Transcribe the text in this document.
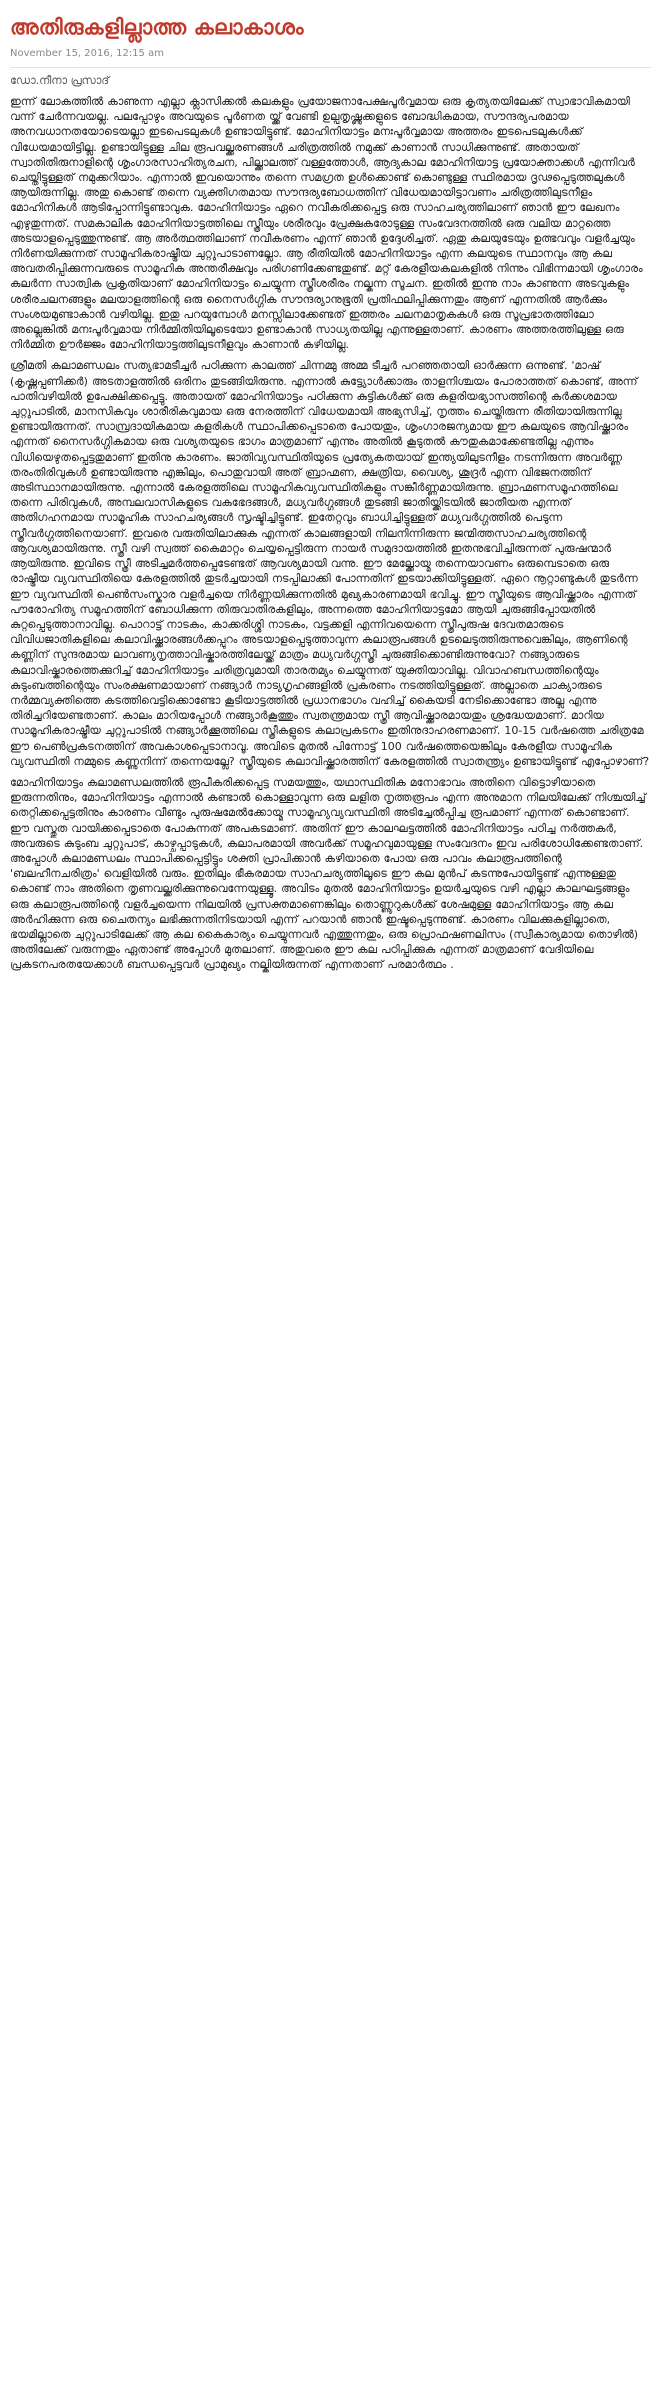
അതിരുകളില്ലാത്ത കലാകാശം
November 15, 2016, 12:15 am
ഡോ.നീനാ പ്രസാദ്

ഇന്ന് ലോകത്തിൽ കാണുന്ന എല്ലാ ക്ലാസിക്കൽ കലകളും പ്രയോജനാപേക്ഷപൂർവ്വമായ ഒരു കൃത്യതയിലേക്ക് സ്വാഭാവികമായി വന്ന് ചേർന്നവയല്ല. പലപ്പോഴും അവയുടെ പൂർണത യ്ക്ക് വേണ്ടി ഉല്പതൃഷ്ണുക്കളുടെ ബോദ്ധികമായ, സൗന്ദര്യപരമായ അനവധാനതയോടെയല്ലാ ഇടപെടലുകൾ ഉണ്ടായിട്ടുണ്ട്. മോഹിനിയാട്ടം മനഃപൂർവ്വമായ അത്തരം ഇടപെടലുകൾക്ക് വിധേയമായിട്ടില്ല. ഉണ്ടായിട്ടുള്ള ചില രൂപവല്ക്കരണങ്ങൾ ചരിത്രത്തിൽ നമുക്ക് കാണാൻ സാധിക്കുന്നുണ്ട്. അതായത് സ്വാതിതിരുനാളിന്റെ ശൃംഗാരസാഹിത്യരചന, പില്ക്കാലത്ത് വള്ളത്തോൾ, ആദ്യകാല മോഹിനിയാട്ട പ്രയോക്താക്കൾ എന്നിവർ ചെയ്തിട്ടുള്ളത് നമുക്കറിയാം. എന്നാൽ ഇവയൊന്നും തന്നെ സമഗ്രത ഉൾക്കൊണ്ട് കൊണ്ടുള്ള സ്ഥിരമായ ദൃഢപ്പെടുത്തലുകൾ ആയിരുന്നില്ല. അതു കൊണ്ട് തന്നെ വ്യക്തിഗതമായ സൗന്ദര്യബോധത്തിന് വിധേയമായിട്ടാവണം ചരിത്രത്തിലുടനീളം മോഹിനികൾ ആടിപ്പോന്നിട്ടുണ്ടാവുക. മോഹിനിയാട്ടം ഏറെ നവീകരിക്കപ്പെട്ട ഒരു സാഹചര്യത്തിലാണ് ഞാൻ ഈ ലേഖനം എഴുതുന്നത്. സമകാലിക മോഹിനിയാട്ടത്തിലെ സ്ത്രീയും ശരീരവും പ്രേക്ഷകരോടുള്ള സംവേദനത്തിൽ ഒരു വലിയ മാറ്റത്തെ അടയാളപ്പെടുത്തുന്നുണ്ട്. ആ അർത്ഥത്തിലാണ് നവീകരണം എന്ന് ഞാൻ ഉദ്ദേശിച്ചത്. ഏതു കലയുടേയും ഉത്ഭവവും വളർച്ചയും നിർണയിക്കുന്നത് സാമൂഹികരാഷ്ട്രീയ ചുറ്റുപാടാണല്ലോ. ആ രീതിയിൽ മോഹിനിയാട്ടം എന്ന കലയുടെ സ്ഥാനവും ആ കല അവതരിപ്പിക്കുന്നവരുടെ സാമൂഹിക അന്തരീക്ഷവും പരിഗണിക്കേണ്ടതുണ്ട്. മറ്റ് കേരളീയകലകളിൽ നിന്നും വിഭിന്നമായി ശൃംഗാരം കലർന്ന സാത്വിക പ്രകൃതിയാണ് മോഹിനിയാട്ടം ചെയ്യുന്ന സ്ത്രീശരീരം നല്കുന്ന സൂചന. ഇതിൽ ഇന്നു നാം കാണുന്ന അടവുകളും ശരീരചലനങ്ങളും മലയാളത്തിന്റെ ഒരു നൈസർഗ്ഗിക സൗന്ദര്യാനുഭൂതി പ്രതിഫലിപ്പിക്കുന്നതും ആണ് എന്നതിൽ ആർക്കും സംശയമുണ്ടാകാൻ വഴിയില്ല. ഇതു പറയുമ്പോൾ മനസ്സിലാക്കേണ്ടത് ഇത്തരം ചലനമാതൃകകൾ ഒരു സൂപ്രഭാതത്തിലോ അല്ലെങ്കിൽ മനഃപൂർവ്വമായ നിർമ്മിതിയിലൂടെയോ ഉണ്ടാകാൻ സാധ്യതയില്ല എന്നുള്ളതാണ്. കാരണം അത്തരത്തിലുള്ള ഒരു നിർമ്മിത ഊർജ്ജം മോഹിനിയാട്ടത്തിലുടനീളവും കാണാൻ കഴിയില്ല.

ശ്രീമതി കലാമണ്ഡലം സത്യഭാമടീച്ചർ പഠിക്കുന്ന കാലത്ത് ചിന്നമ്മു അമ്മ ടീച്ചർ പറഞ്ഞതായി ഓർക്കുന്ന ഒന്നുണ്ട്. 'മാഷ് (കൃഷ്ണപ്പണിക്കർ) അടതാളത്തിൽ ഒരിനം തുടങ്ങിയിരുന്നു. എന്നാൽ കുട്ട്യോൾക്കാരും താളനിശ്ചയം പോരാത്തത് കൊണ്ട്, അന്ന് പാതിവഴിയിൽ ഉപേക്ഷിക്കപ്പെട്ടു. അതായത് മോഹിനിയാട്ടം പഠിക്കുന്ന കുട്ടികൾക്ക് ഒരു കളരിയഭ്യാസത്തിന്റെ കർക്കശമായ ചുറ്റുപാടിൽ, മാനസികവും ശാരീരികവുമായ ഒരു നേരത്തിന് വിധേയമായി അഭ്യസിച്ച്, നൃത്തം ചെയ്തിരുന്ന രീതിയായിരുന്നില്ല ഉണ്ടായിരുന്നത്. സാമ്പ്രദായികമായ കളരികൾ സ്ഥാപിക്കപ്പെടാതെ പോയതും, ശൃംഗാരജന്യമായ ഈ കലയുടെ ആവിഷ്ക്കാരം എന്നത് നൈസർഗ്ഗികമായ ഒരു വശ്യതയുടെ ഭാഗം മാത്രമാണ് എന്നും അതിൽ കൂടുതൽ കൗതുകമാക്കേണ്ടതില്ല എന്നും വിധിയെഴുതപ്പെട്ടതുമാണ് ഇതിനു കാരണം. ജാതിവ്യവസ്ഥിതിയുടെ പ്രത്യേകതയായ് ഇന്ത്യയിലുടനീളം നടന്നിരുന്ന അവർണ്ണ തരംതിരിവുകൾ ഉണ്ടായിരുന്നു എങ്കിലും, പൊതുവായി അത് ബ്രാഹ്മണ, ക്ഷത്രിയ, വൈശ്യ, ശൂദ്രർ എന്ന വിഭജനത്തിന് അടിസ്ഥാനമായിരുന്നു. എന്നാൽ കേരളത്തിലെ സാമൂഹികവ്യവസ്ഥിതികളും സങ്കീർണ്ണമായിരുന്നു. ബ്രാഹ്മണസമൂഹത്തിലെ തന്നെ പിരിവുകൾ, അമ്പലവാസികളുടെ വകഭേദങ്ങൾ, മധ്യവർഗ്ഗങ്ങൾ തുടങ്ങി ജാതിയ്ക്കിടയിൽ ജാതീയത എന്നത് അതിഗഹനമായ സാമൂഹിക സാഹചര്യങ്ങൾ സൃഷ്ടിച്ചിട്ടുണ്ട്. ഇതേറ്റവും ബാധിച്ചിട്ടുള്ളത് മധ്യവർഗ്ഗത്തിൽ പെടുന്ന സ്ത്രീവർഗ്ഗത്തിനെയാണ്. ഇവരെ വരുതിയിലാക്കുക എന്നത് കാലങ്ങളായി നിലനിന്നിരുന്ന ജന്മിത്തസാഹചര്യത്തിന്റെ ആവശ്യമായിരുന്നു. സ്ത്രീ വഴി സ്വത്ത് കൈമാറ്റം ചെയ്യപ്പെട്ടിരുന്ന നായർ സമുദായത്തിൽ ഇതനുഭവിച്ചിരുന്നത് പുരുഷന്മാർ ആയിരുന്നു. ഇവിടെ സ്ത്രീ അടിച്ചമർത്തപ്പെടേണ്ടത് ആവശ്യമായി വന്നു. ഈ മേല്ക്കോയ്മ തന്നെയാവണം ഒരുമ്പെടാതെ ഒരു രാഷ്ട്രീയ വ്യവസ്ഥിതിയെ കേരളത്തിൽ തുടർച്ചയായി നടപ്പിലാക്കി പോന്നതിന് ഇടയാക്കിയിട്ടുള്ളത്. ഏറെ നൂറ്റാണ്ടുകൾ തുടർന്ന ഈ വ്യവസ്ഥിതി പെൺസംസ്കാര വളർച്ചയെ നിർണ്ണയിക്കുന്നതിൽ മുഖ്യകാരണമായി ഭവിച്ചു. ഈ സ്ത്രീയുടെ ആവിഷ്ക്കാരം എന്നത് പൗരോഹിത്യ സമൂഹത്തിന് ബോധിക്കുന്ന തിരുവാതിരകളിലും, അന്നത്തെ മോഹിനിയാട്ടമോ ആയി ചുരുങ്ങിപ്പോയതിൽ കുറ്റപ്പെടുത്താനാവില്ല. പൊറാട്ട് നാടകം, കാക്കരിശ്ശി നാടകം, വട്ടക്കളി എന്നിവയെന്നെ സ്ത്രീപുരുഷ ദേവതമാരുടെ വിവിധജാതികളിലെ കലാവിഷ്ക്കാരങ്ങൾക്കപ്പുറം അടയാളപ്പെടുത്താവുന്ന കലാരൂപങ്ങൾ ഉടലെടുത്തിരുന്നുവെങ്കിലും, ആണിന്റെ കണ്ണിന് സുന്ദരമായ ലാവണ്യനൃത്താവിഷ്കാരത്തിലേയ്ക്ക് മാത്രം മധ്യവർഗ്ഗസ്ത്രീ ചുരുങ്ങിക്കൊണ്ടിരുന്നുവോ? നങ്ങ്യാരുടെ കലാവിഷ്കാരത്തെക്കുറിച്ച് മോഹിനിയാട്ടം ചരിത്രവുമായി താരതമ്യം ചെയ്യുന്നത് യുക്തിയാവില്ല. വിവാഹബന്ധത്തിന്റെയും കുടുംബത്തിന്റെയും സംരക്ഷണമായാണ് നങ്ങ്യാർ നാട്യഗൃഹങ്ങളിൽ പ്രകരണം നടത്തിയിട്ടുള്ളത്. അല്ലാതെ ചാക്യാരുടെ നർമ്മവ്യക്തിത്തെ കടത്തിവെട്ടിക്കൊണ്ടോ കൂടിയാട്ടത്തിൽ പ്രധാനഭാഗം വഹിച്ച് കൈയടി നേടിക്കൊണ്ടോ അല്ല എന്നു തിരിച്ചറിയേണ്ടതാണ്. കാലം മാറിയപ്പോൾ നങ്ങ്യാർകൂത്തും സ്വതന്ത്രമായ സ്ത്രീ ആവിഷ്ക്കാരമായതും ശ്രദ്ധേയമാണ്. മാറിയ സാമൂഹികരാഷ്ട്രീയ ചുറ്റുപാടിൽ നങ്ങ്യാർക്കൂത്തിലെ സ്ത്രീകളുടെ കലാപ്രകടനം ഇതിനുദാഹരണമാണ്. 10-15 വർഷത്തെ ചരിത്രമേ ഈ പെൺപ്രകടനത്തിന് അവകാശപ്പെടാനാവൂ. അവിടെ മുതൽ പിന്നോട്ട് 100 വർഷത്തെയെങ്കിലും കേരളീയ സാമൂഹിക വ്യവസ്ഥിതി നമ്മുടെ കണ്ണുനിന്ന് തന്നെയല്ലേ? സ്ത്രീയുടെ കലാവിഷ്ക്കാരത്തിന് കേരളത്തിൽ സ്വാതന്ത്ര്യം ഉണ്ടായിട്ടുണ്ട് എപ്പോഴാണ്?

മോഹിനിയാട്ടം കലാമണ്ഡലത്തിൽ രൂപീകരിക്കപ്പെട്ട സമയത്തും, യഥാസ്ഥിതിക മനോഭാവം അതിനെ വിട്ടൊഴിയാതെ ഇരുന്നതിനും, മോഹിനിയാട്ടം എന്നാൽ കണ്ടാൽ കൊള്ളാവുന്ന ഒരു ലളിത നൃത്തരൂപം എന്ന അനുമാന നിലയിലേക്ക് നിശ്ചയിച്ച് തെറ്റിക്കപ്പെട്ടതിനും കാരണം വീണ്ടും പുരുഷമേൽക്കോയ്മ സാമൂഹ്യവ്യവസ്ഥിതി അടിച്ചേൽപ്പിച്ച രൂപമാണ് എന്നത് കൊണ്ടാണ്. ഈ വസ്തുത വായിക്കപ്പെടാതെ പോകുന്നത് അപകടമാണ്. അതിന് ഈ കാലഘട്ടത്തിൽ മോഹിനിയാട്ടം പഠിച്ച നർത്തകർ, അവരുടെ കുടുംബ ചുറ്റുപാട്, കാഴ്ചപ്പാടുകൾ, കലാപരമായി അവർക്ക് സമൂഹവുമായുള്ള സംവേദനം ഇവ പരിശോധിക്കേണ്ടതാണ്. അപ്പോൾ കലാമണ്ഡലം സ്ഥാപിക്കപ്പെട്ടിട്ടും ശക്തി പ്രാപിക്കാൻ കഴിയാതെ പോയ ഒരു പാവം കലാരൂപത്തിന്റെ 'ബലഹീനചരിത്രം' വെളിയിൽ വരും. ഇതിലും ഭീകരമായ സാഹചര്യത്തിലൂടെ ഈ കല മുൻപ് കടന്നുപോയിട്ടുണ്ട് എന്നുള്ളതു കൊണ്ട് നാം അതിനെ തൃണവല്ക്കരിക്കുന്നുവെന്നേയുള്ളൂ. അവിടം മുതൽ മോഹിനിയാട്ടം ഉയർച്ചയുടെ വഴി എല്ലാ കാലഘട്ടങ്ങളും ഒരു കലാരൂപത്തിന്റെ വളർച്ചയെന്ന നിലയിൽ പ്രസക്തമാണെങ്കിലും തൊണ്ണൂറുകൾക്ക് ശേഷമുള്ള മോഹിനിയാട്ടം ആ കല അർഹിക്കുന്ന ഒരു ചൈതന്യം ലഭിക്കുന്നതിനിടയായി എന്ന് പറയാൻ ഞാൻ ഇഷ്ടപ്പെടുന്നുണ്ട്. കാരണം വിലക്കുകളില്ലാതെ, ഭയമില്ലാതെ ചുറ്റുപാടിലേക്ക് ആ കല കൈകാര്യം ചെയ്യുന്നവർ എത്തുന്നതും, ഒരു പ്രൊഫഷണലിസം (സ്വീകാര്യമായ തൊഴിൽ) അതിലേക്ക് വരുന്നതും ഏതാണ്ട് അപ്പോൾ മുതലാണ്. അതുവരെ ഈ കല പഠിപ്പിക്കുക എന്നത് മാത്രമാണ് വേദിയിലെ പ്രകടനപരതയേക്കാൾ ബന്ധപ്പെട്ടവർ പ്രാമുഖ്യം നല്കിയിരുന്നത് എന്നതാണ് പരമാർത്ഥം .
